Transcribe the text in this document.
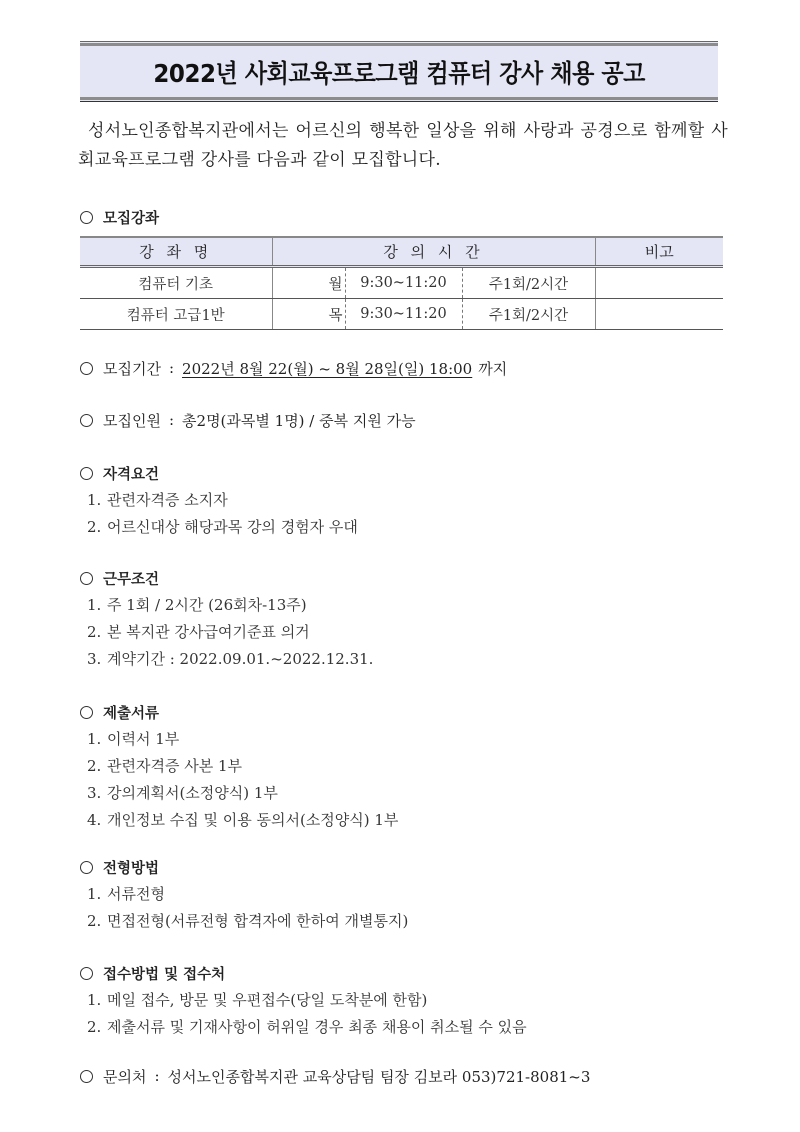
2022년 사회교육프로그램 컴퓨터 강사 채용 공고
성서노인종합복지관에서는 어르신의 행복한 일상을 위해 사랑과 공경으로 함께할 사회교육프로그램 강사를 다음과 같이 모집합니다.
모집강좌
강 좌 명	강 의 시 간			비고
컴퓨터 기초	월	9:30~11:20	주1회/2시간	
컴퓨터 고급1반	목	9:30~11:20	주1회/2시간	
모집기간 : 2022년 8월 22(월) ~ 8월 28일(일) 18:00 까지
모집인원 : 총2명(과목별 1명) / 중복 지원 가능
자격요건
1. 관련자격증 소지자
2. 어르신대상 해당과목 강의 경험자 우대
근무조건
1. 주 1회 / 2시간 (26회차-13주)
2. 본 복지관 강사급여기준표 의거
3. 계약기간 : 2022.09.01.~2022.12.31.
제출서류
1. 이력서 1부
2. 관련자격증 사본 1부
3. 강의계획서(소정양식) 1부
4. 개인정보 수집 및 이용 동의서(소정양식) 1부
전형방법
1. 서류전형
2. 면접전형(서류전형 합격자에 한하여 개별통지)
접수방법 및 접수처
1. 메일 접수, 방문 및 우편접수(당일 도착분에 한함)
2. 제출서류 및 기재사항이 허위일 경우 최종 채용이 취소될 수 있음
문의처 : 성서노인종합복지관 교육상담팀 팀장 김보라 053)721-8081~3
